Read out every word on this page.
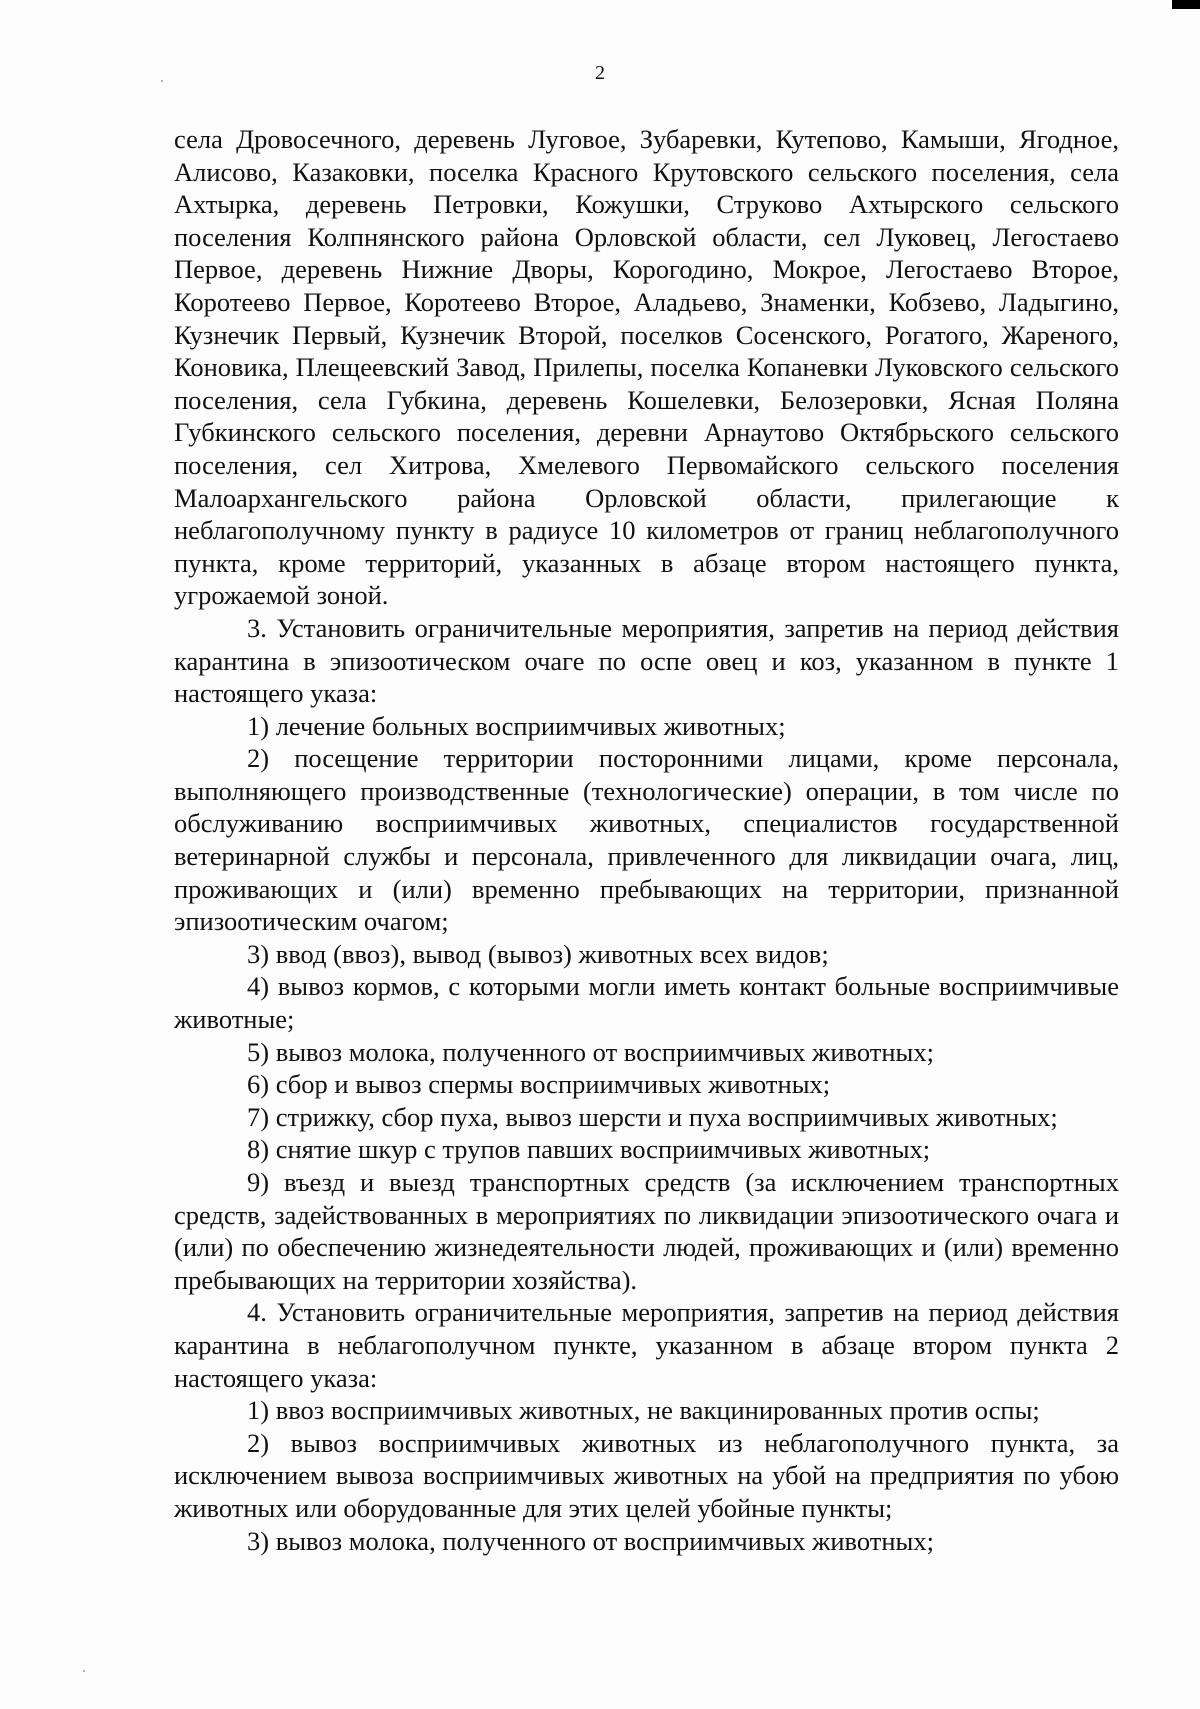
2

села Дровосечного, деревень Луговое, Зубаревки, Кутепово, Камыши, Ягодное, Алисово, Казаковки, поселка Красного Крутовского сельского поселения, села Ахтырка, деревень Петровки, Кожушки, Струково Ахтырского сельского поселения Колпнянского района Орловской области, сел Луковец, Легостаево Первое, деревень Нижние Дворы, Корогодино, Мокрое, Легостаево Второе, Коротеево Первое, Коротеево Второе, Аладьево, Знаменки, Кобзево, Ладыгино, Кузнечик Первый, Кузнечик Второй, поселков Сосенского, Рогатого, Жареного, Коновика, Плещеевский Завод, Прилепы, поселка Копаневки Луковского сельского поселения, села Губкина, деревень Кошелевки, Белозеровки, Ясная Поляна Губкинского сельского поселения, деревни Арнаутово Октябрьского сельского поселения, сел Хитрова, Хмелевого Первомайского сельского поселения Малоархангельского района Орловской области, прилегающие к неблагополучному пункту в радиусе 10 километров от границ неблагополучного пункта, кроме территорий, указанных в абзаце втором настоящего пункта, угрожаемой зоной.

3. Установить ограничительные мероприятия, запретив на период действия карантина в эпизоотическом очаге по оспе овец и коз, указанном в пункте 1 настоящего указа:

1) лечение больных восприимчивых животных;

2) посещение территории посторонними лицами, кроме персонала, выполняющего производственные (технологические) операции, в том числе по обслуживанию восприимчивых животных, специалистов государственной ветеринарной службы и персонала, привлеченного для ликвидации очага, лиц, проживающих и (или) временно пребывающих на территории, признанной эпизоотическим очагом;

3) ввод (ввоз), вывод (вывоз) животных всех видов;

4) вывоз кормов, с которыми могли иметь контакт больные восприимчивые животные;

5) вывоз молока, полученного от восприимчивых животных;

6) сбор и вывоз спермы восприимчивых животных;

7) стрижку, сбор пуха, вывоз шерсти и пуха восприимчивых животных;

8) снятие шкур с трупов павших восприимчивых животных;

9) въезд и выезд транспортных средств (за исключением транспортных средств, задействованных в мероприятиях по ликвидации эпизоотического очага и (или) по обеспечению жизнедеятельности людей, проживающих и (или) временно пребывающих на территории хозяйства).

4. Установить ограничительные мероприятия, запретив на период действия карантина в неблагополучном пункте, указанном в абзаце втором пункта 2 настоящего указа:

1) ввоз восприимчивых животных, не вакцинированных против оспы;

2) вывоз восприимчивых животных из неблагополучного пункта, за исключением вывоза восприимчивых животных на убой на предприятия по убою животных или оборудованные для этих целей убойные пункты;

3) вывоз молока, полученного от восприимчивых животных;
